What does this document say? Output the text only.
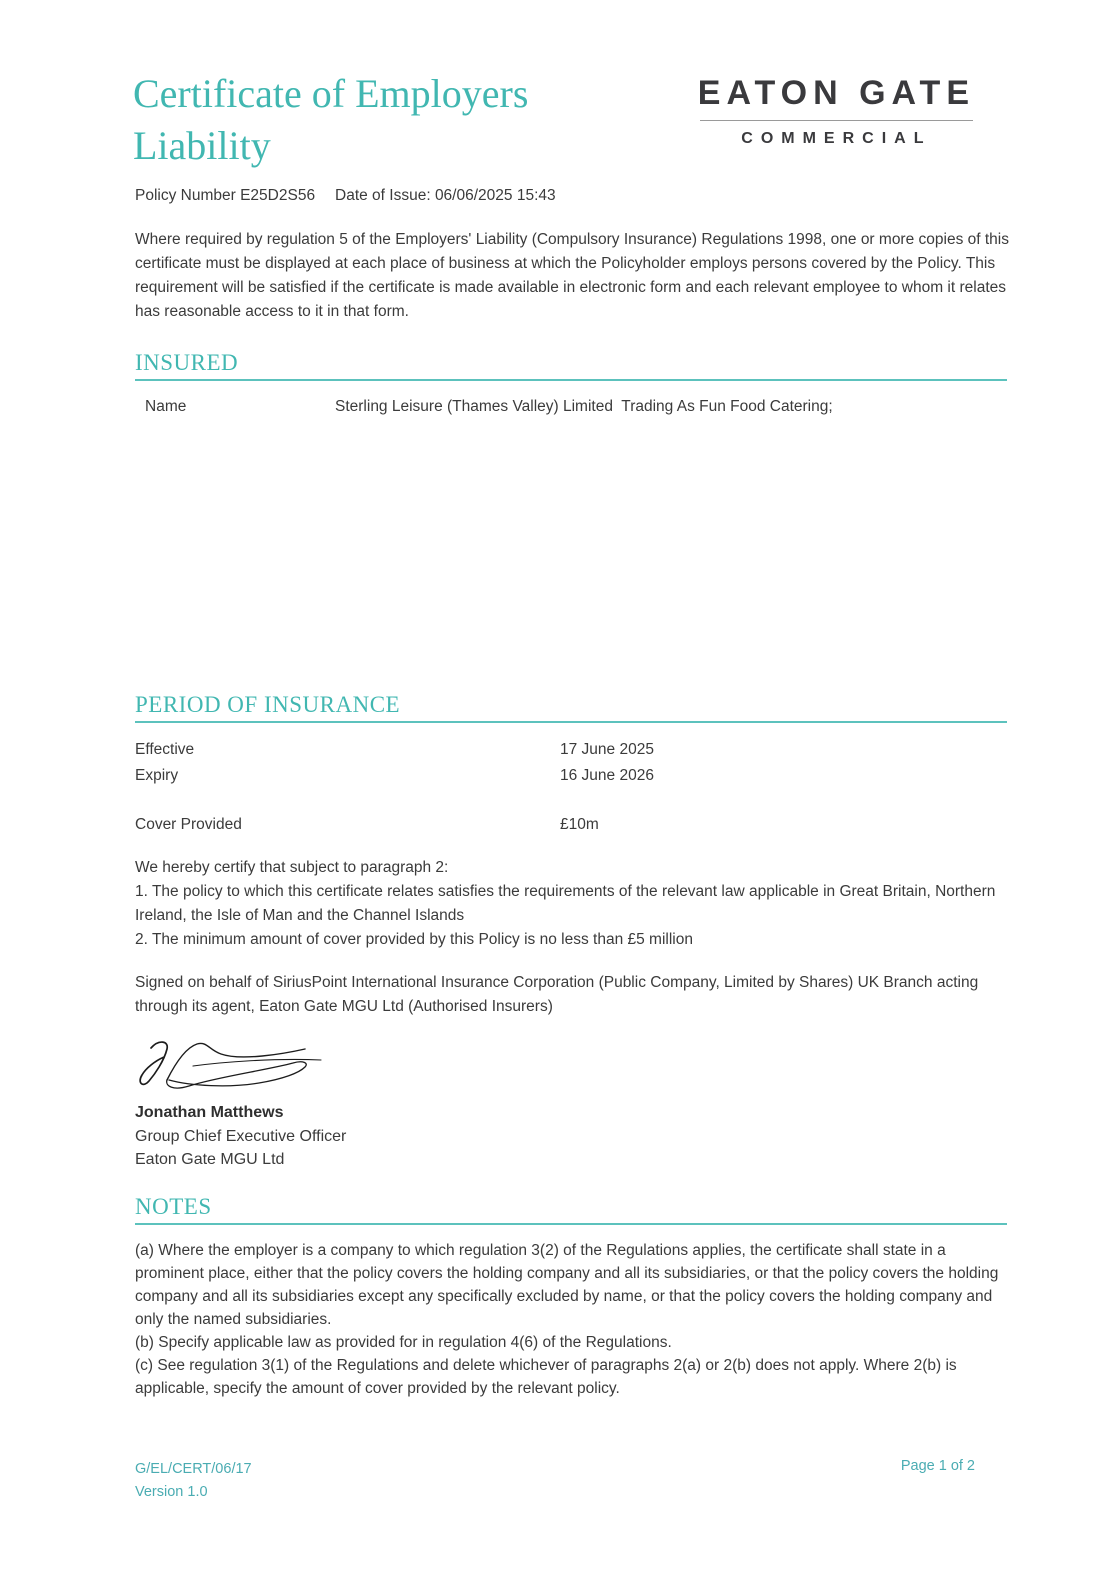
Certificate of Employers
Liability
EATON GATE
COMMERCIAL
Policy Number E25D2S56 Date of Issue: 06/06/2025 15:43
Where required by regulation 5 of the Employers' Liability (Compulsory Insurance) Regulations 1998, one or more copies of this certificate must be displayed at each place of business at which the Policyholder employs persons covered by the Policy. This requirement will be satisfied if the certificate is made available in electronic form and each relevant employee to whom it relates has reasonable access to it in that form.
INSURED
Name	Sterling Leisure (Thames Valley) Limited  Trading As Fun Food Catering;
PERIOD OF INSURANCE
Effective	17 June 2025
Expiry	16 June 2026
Cover Provided	£10m
We hereby certify that subject to paragraph 2:
1. The policy to which this certificate relates satisfies the requirements of the relevant law applicable in Great Britain, Northern Ireland, the Isle of Man and the Channel Islands
2. The minimum amount of cover provided by this Policy is no less than £5 million
Signed on behalf of SiriusPoint International Insurance Corporation (Public Company, Limited by Shares) UK Branch acting through its agent, Eaton Gate MGU Ltd (Authorised Insurers)
Jonathan Matthews
Group Chief Executive Officer
Eaton Gate MGU Ltd
NOTES
(a) Where the employer is a company to which regulation 3(2) of the Regulations applies, the certificate shall state in a prominent place, either that the policy covers the holding company and all its subsidiaries, or that the policy covers the holding company and all its subsidiaries except any specifically excluded by name, or that the policy covers the holding company and only the named subsidiaries.
(b) Specify applicable law as provided for in regulation 4(6) of the Regulations.
(c) See regulation 3(1) of the Regulations and delete whichever of paragraphs 2(a) or 2(b) does not apply. Where 2(b) is applicable, specify the amount of cover provided by the relevant policy.
G/EL/CERT/06/17
Version 1.0
Page 1 of 2
